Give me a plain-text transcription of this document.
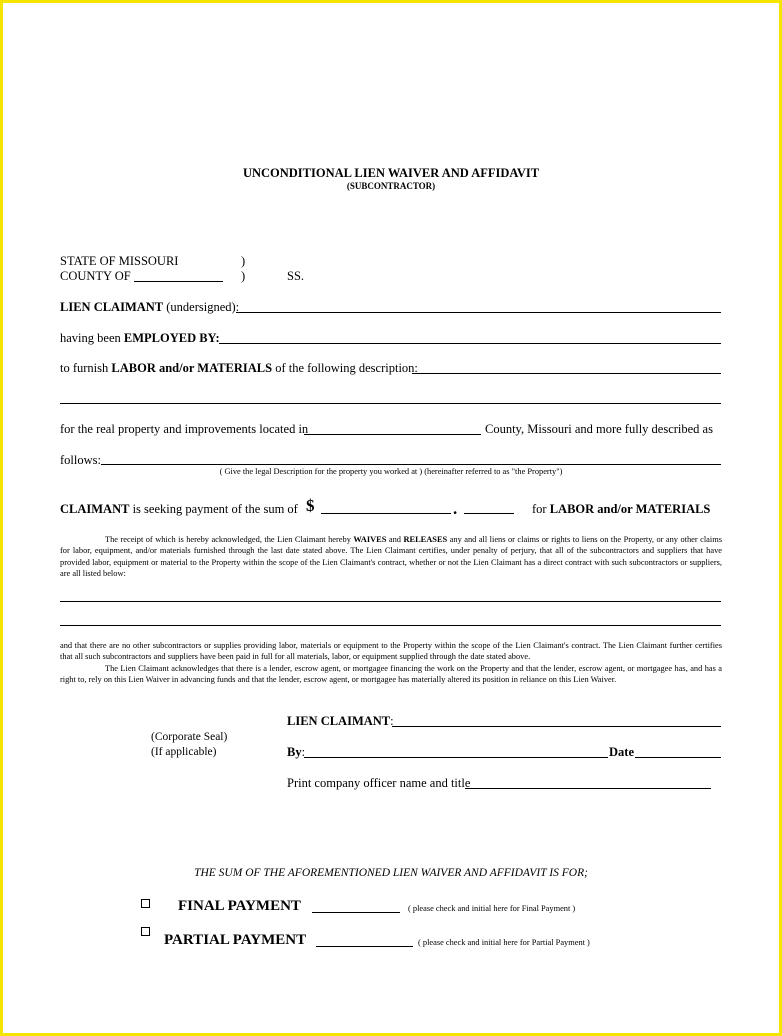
UNCONDITIONAL LIEN WAIVER AND AFFIDAVIT
(SUBCONTRACTOR)
STATE OF MISSOURI	)
COUNTY OF	)	SS.
LIEN CLAIMANT (undersigned):
having been EMPLOYED BY:
to furnish LABOR and/or MATERIALS of the following description:
for the real property and improvements located in	County, Missouri and more fully described as
follows:
( Give the legal Description for the property you worked at ) (hereinafter referred to as "the Property")
CLAIMANT is seeking payment of the sum of $	.	for LABOR and/or MATERIALS

The receipt of which is hereby acknowledged, the Lien Claimant hereby WAIVES and RELEASES any and all liens or claims or rights to liens on the Property, or any other claims for labor, equipment, and/or materials furnished through the last date stated above. The Lien Claimant certifies, under penalty of perjury, that all of the subcontractors and suppliers that have provided labor, equipment or material to the Property within the scope of the Lien Claimant's contract, whether or not the Lien Claimant has a direct contract with such subcontractors or suppliers, are all listed below:

and that there are no other subcontractors or supplies providing labor, materials or equipment to the Property within the scope of the Lien Claimant's contract. The Lien Claimant further certifies that all such subcontractors and suppliers have been paid in full for all materials, labor, or equipment supplied through the date stated above.

The Lien Claimant acknowledges that there is a lender, escrow agent, or mortgagee financing the work on the Property and that the lender, escrow agent, or mortgagee has, and has a right to, rely on this Lien Waiver in advancing funds and that the lender, escrow agent, or mortgagee has materially altered its position in reliance on this Lien Waiver.

LIEN CLAIMANT:
(Corporate Seal)
(If applicable)	By:	Date
Print company officer name and title
THE SUM OF THE AFOREMENTIONED LIEN WAIVER AND AFFIDAVIT IS FOR;
FINAL PAYMENT	( please check and initial here for Final Payment )
PARTIAL PAYMENT	( please check and initial here for Partial Payment )
